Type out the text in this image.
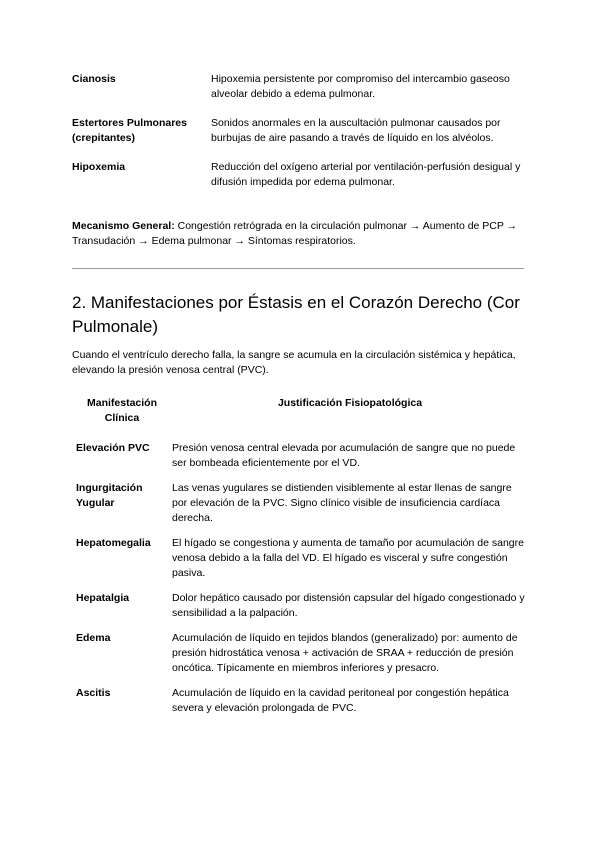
Cianosis	Hipoxemia persistente por compromiso del intercambio gaseoso alveolar debido a edema pulmonar.
Estertores Pulmonares (crepitantes)	Sonidos anormales en la auscultación pulmonar causados por burbujas de aire pasando a través de líquido en los alvéolos.
Hipoxemia	Reducción del oxígeno arterial por ventilación-perfusión desigual y difusión impedida por edema pulmonar.

Mecanismo General: Congestión retrógrada en la circulación pulmonar → Aumento de PCP → Transudación → Edema pulmonar → Síntomas respiratorios.

2. Manifestaciones por Éstasis en el Corazón Derecho (Cor Pulmonale)

Cuando el ventrículo derecho falla, la sangre se acumula en la circulación sistémica y hepática, elevando la presión venosa central (PVC).

Manifestación Clínica	Justificación Fisiopatológica
Elevación PVC	Presión venosa central elevada por acumulación de sangre que no puede ser bombeada eficientemente por el VD.
Ingurgitación Yugular	Las venas yugulares se distienden visiblemente al estar llenas de sangre por elevación de la PVC. Signo clínico visible de insuficiencia cardíaca derecha.
Hepatomegalia	El hígado se congestiona y aumenta de tamaño por acumulación de sangre venosa debido a la falla del VD. El hígado es visceral y sufre congestión pasiva.
Hepatalgia	Dolor hepático causado por distensión capsular del hígado congestionado y sensibilidad a la palpación.
Edema	Acumulación de líquido en tejidos blandos (generalizado) por: aumento de presión hidrostática venosa + activación de SRAA + reducción de presión oncótica. Típicamente en miembros inferiores y presacro.
Ascitis	Acumulación de líquido en la cavidad peritoneal por congestión hepática severa y elevación prolongada de PVC.
